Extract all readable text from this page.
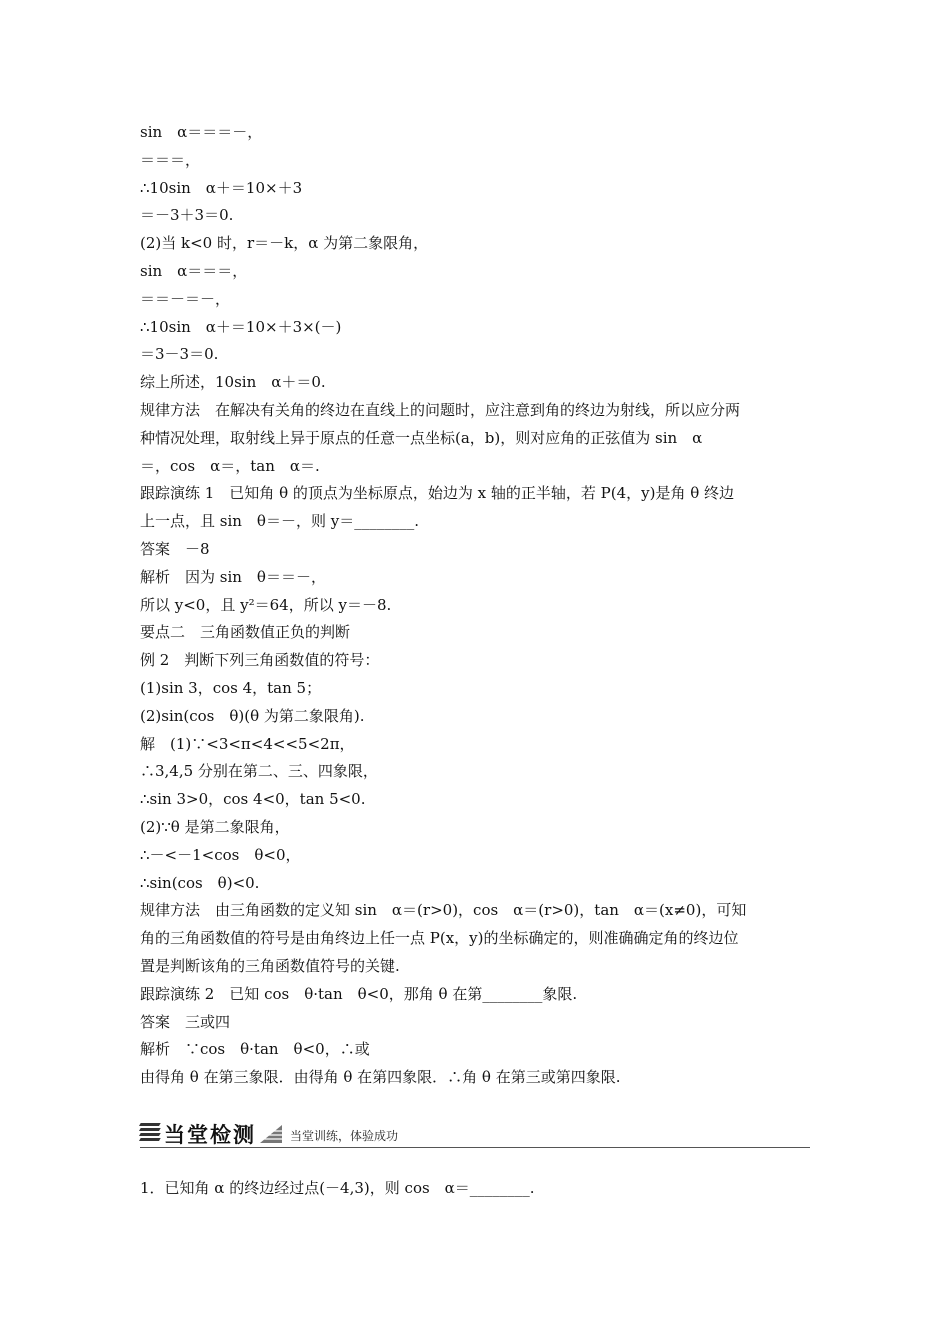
sin　α＝＝＝－，
＝＝＝，
∴10sin　α＋＝10×＋3
＝－3＋3＝0.
(2)当 k<0 时，r＝－k，α 为第二象限角，
sin　α＝＝＝，
＝＝－＝－，
∴10sin　α＋＝10×＋3×(－)
＝3－3＝0.
综上所述，10sin　α＋＝0.
规律方法　在解决有关角的终边在直线上的问题时，应注意到角的终边为射线，所以应分两
种情况处理，取射线上异于原点的任意一点坐标(a，b)，则对应角的正弦值为 sin　α
＝，cos　α＝，tan　α＝.
跟踪演练 1　已知角 θ 的顶点为坐标原点，始边为 x 轴的正半轴，若 P(4，y)是角 θ 终边
上一点，且 sin　θ＝－，则 y＝________.
答案　－8
解析　因为 sin　θ＝＝－，
所以 y<0，且 y²＝64，所以 y＝－8.
要点二　三角函数值正负的判断
例 2　判断下列三角函数值的符号：
(1)sin 3，cos 4，tan 5；
(2)sin(cos　θ)(θ 为第二象限角).
解　(1)∵<3<π<4<<5<2π，
∴3,4,5 分别在第二、三、四象限，
∴sin 3>0，cos 4<0，tan 5<0.
(2)∵θ 是第二象限角，
∴－<－1<cos　θ<0，
∴sin(cos　θ)<0.
规律方法　由三角函数的定义知 sin　α＝(r>0)，cos　α＝(r>0)，tan　α＝(x≠0)，可知
角的三角函数值的符号是由角终边上任一点 P(x，y)的坐标确定的，则准确确定角的终边位
置是判断该角的三角函数值符号的关键.
跟踪演练 2　已知 cos　θ·tan　θ<0，那角 θ 在第________象限.
答案　三或四
解析　∵cos　θ·tan　θ<0，∴或
由得角 θ 在第三象限．由得角 θ 在第四象限．∴角 θ 在第三或第四象限.
当堂检测	当堂训练，体验成功
1．已知角 α 的终边经过点(－4,3)，则 cos　α＝________.
